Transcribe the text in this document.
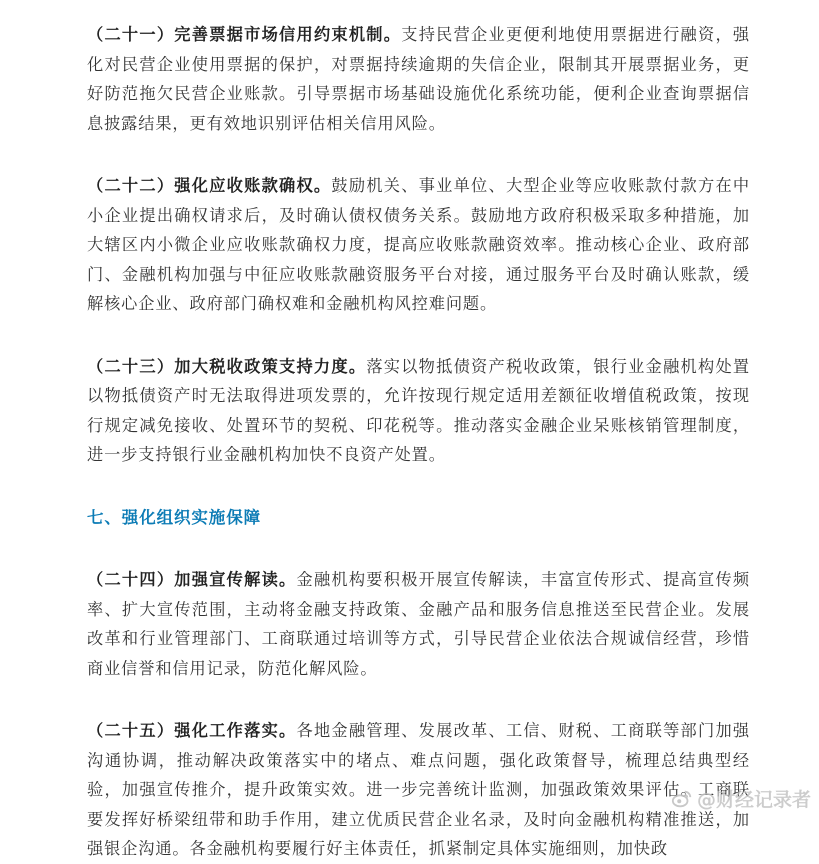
（二十一）完善票据市场信用约束机制。支持民营企业更便利地使用票据进行融资，强化对民营企业使用票据的保护，对票据持续逾期的失信企业，限制其开展票据业务，更好防范拖欠民营企业账款。引导票据市场基础设施优化系统功能，便利企业查询票据信息披露结果，更有效地识别评估相关信用风险。

（二十二）强化应收账款确权。鼓励机关、事业单位、大型企业等应收账款付款方在中小企业提出确权请求后，及时确认债权债务关系。鼓励地方政府积极采取多种措施，加大辖区内小微企业应收账款确权力度，提高应收账款融资效率。推动核心企业、政府部门、金融机构加强与中征应收账款融资服务平台对接，通过服务平台及时确认账款，缓解核心企业、政府部门确权难和金融机构风控难问题。

（二十三）加大税收政策支持力度。落实以物抵债资产税收政策，银行业金融机构处置以物抵债资产时无法取得进项发票的，允许按现行规定适用差额征收增值税政策，按现行规定减免接收、处置环节的契税、印花税等。推动落实金融企业呆账核销管理制度，进一步支持银行业金融机构加快不良资产处置。

七、强化组织实施保障

（二十四）加强宣传解读。金融机构要积极开展宣传解读，丰富宣传形式、提高宣传频率、扩大宣传范围，主动将金融支持政策、金融产品和服务信息推送至民营企业。发展改革和行业管理部门、工商联通过培训等方式，引导民营企业依法合规诚信经营，珍惜商业信誉和信用记录，防范化解风险。

（二十五）强化工作落实。各地金融管理、发展改革、工信、财税、工商联等部门加强沟通协调，推动解决政策落实中的堵点、难点问题，强化政策督导，梳理总结典型经验，加强宣传推介，提升政策实效。进一步完善统计监测，加强政策效果评估。工商联要发挥好桥梁纽带和助手作用，建立优质民营企业名录，及时向金融机构精准推送，加强银企沟通。各金融机构要履行好主体责任，抓紧制定具体实施细则，加快政

@财经记录者
